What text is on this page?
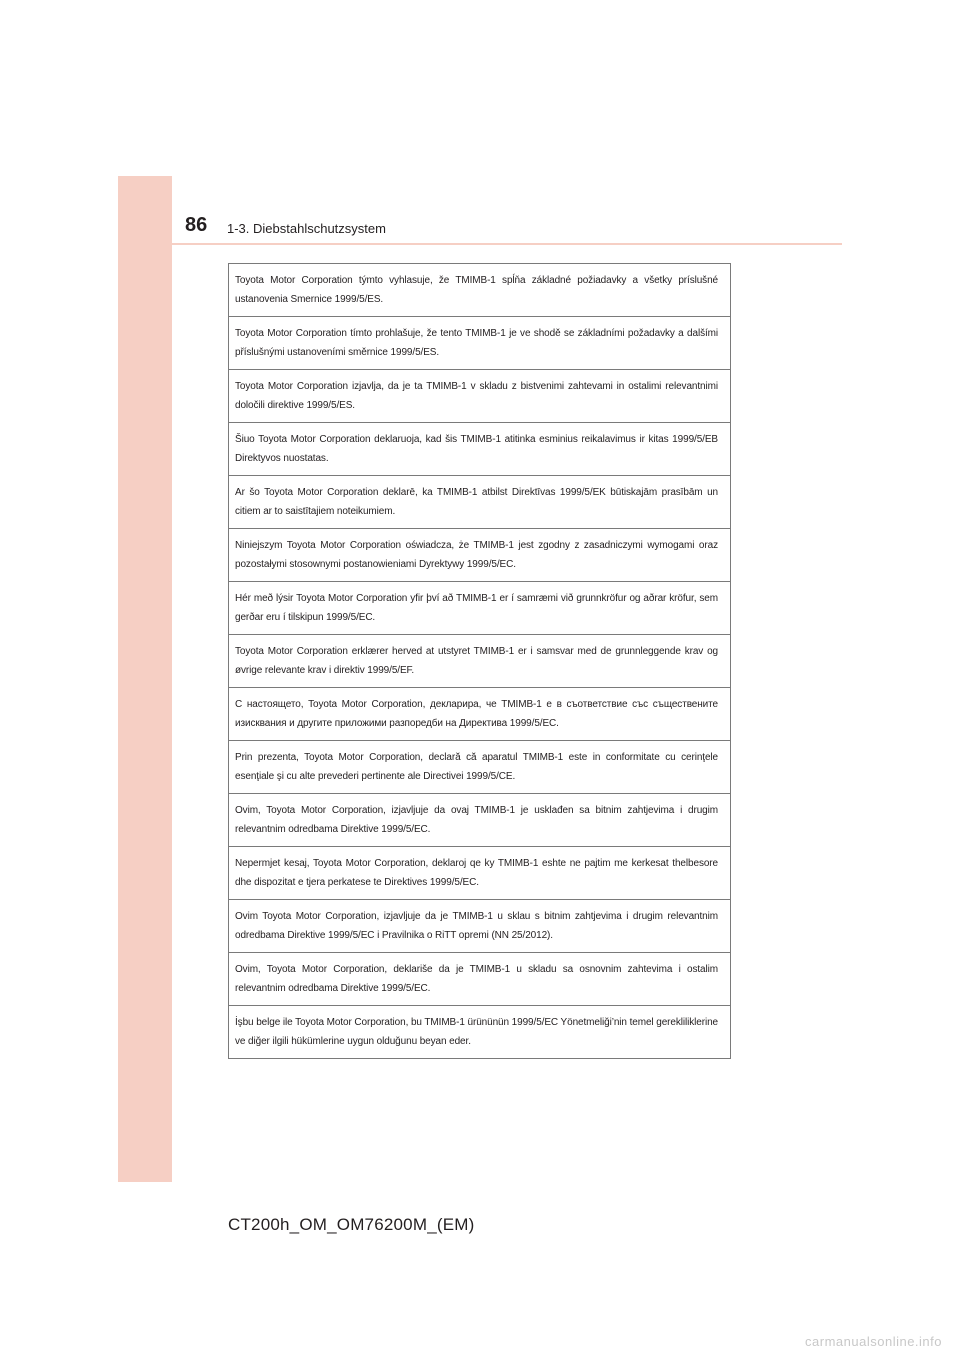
86 1-3. Diebstahlschutzsystem
Toyota Motor Corporation týmto vyhlasuje, že TMIMB-1 spĺňa základné požiadavky a všetky príslušné ustanovenia Smernice 1999/5/ES.
Toyota Motor Corporation tímto prohlašuje, že tento TMIMB-1 je ve shodě se základními požadavky a dalšími příslušnými ustanoveními směrnice 1999/5/ES.
Toyota Motor Corporation izjavlja, da je ta TMIMB-1 v skladu z bistvenimi zahtevami in ostalimi relevantnimi določili direktive 1999/5/ES.
Šiuo Toyota Motor Corporation deklaruoja, kad šis TMIMB-1 atitinka esminius reikalavimus ir kitas 1999/5/EB Direktyvos nuostatas.
Ar šo Toyota Motor Corporation deklarē, ka TMIMB-1 atbilst Direktīvas 1999/5/EK būtiskajām prasībām un citiem ar to saistītajiem noteikumiem.
Niniejszym Toyota Motor Corporation oświadcza, że TMIMB-1 jest zgodny z zasadniczymi wymogami oraz pozostałymi stosownymi postanowieniami Dyrektywy 1999/5/EC.
Hér með lýsir Toyota Motor Corporation yfir því að TMIMB-1 er í samræmi við grunnkröfur og aðrar kröfur, sem gerðar eru í tilskipun 1999/5/EC.
Toyota Motor Corporation erklærer herved at utstyret TMIMB-1 er i samsvar med de grunnleggende krav og øvrige relevante krav i direktiv 1999/5/EF.
С настоящето, Toyota Motor Corporation, декларира, че TMIMB-1 е в съответствие със съществените изисквания и другите приложими разпоредби на Директива 1999/5/EC.
Prin prezenta, Toyota Motor Corporation, declară că aparatul TMIMB-1 este in conformitate cu cerinţele esenţiale şi cu alte prevederi pertinente ale Directivei 1999/5/CE.
Ovim, Toyota Motor Corporation, izjavljuje da ovaj TMIMB-1 je usklađen sa bitnim zahtjevima i drugim relevantnim odredbama Direktive 1999/5/EC.
Nepermjet kesaj, Toyota Motor Corporation, deklaroj qe ky TMIMB-1 eshte ne pajtim me kerkesat thelbesore dhe dispozitat e tjera perkatese te Direktives 1999/5/EC.
Ovim Toyota Motor Corporation, izjavljuje da je TMIMB-1 u sklau s bitnim zahtjevima i drugim relevantnim odredbama Direktive 1999/5/EC i Pravilnika o RiTT opremi (NN 25/2012).
Ovim, Toyota Motor Corporation, deklariše da je TMIMB-1 u skladu sa osnovnim zahtevima i ostalim relevantnim odredbama Direktive 1999/5/EC.
İşbu belge ile Toyota Motor Corporation, bu TMIMB-1 ürününün 1999/5/EC Yönetmeliği’nin temel gerekliliklerine ve diğer ilgili hükümlerine uygun olduğunu beyan eder.
CT200h_OM_OM76200M_(EM)
carmanualsonline.info
